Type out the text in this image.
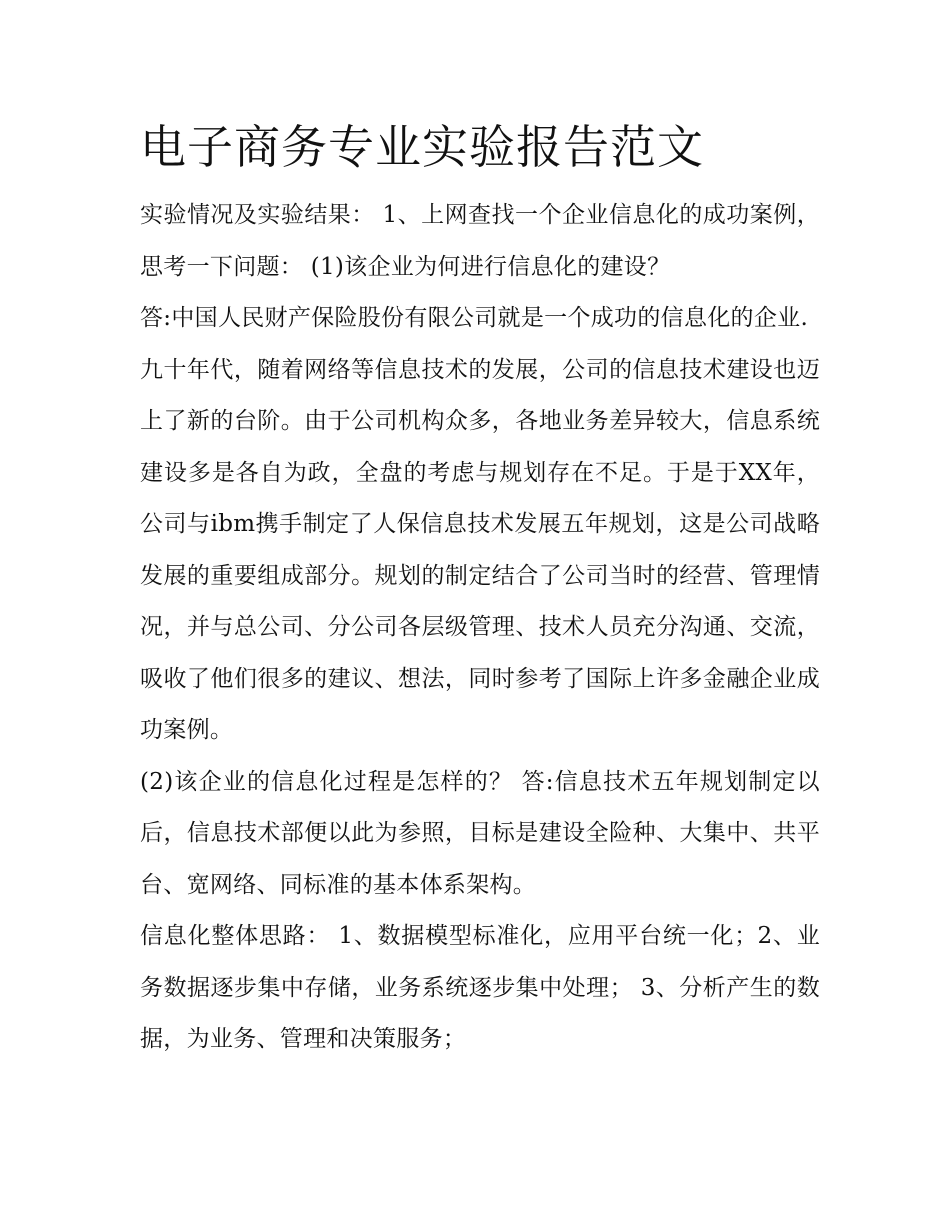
电子商务专业实验报告范文

实验情况及实验结果： 1、上网查找一个企业信息化的成功案例，思考一下问题： (1)该企业为何进行信息化的建设？

答:中国人民财产保险股份有限公司就是一个成功的信息化的企业.

九十年代，随着网络等信息技术的发展，公司的信息技术建设也迈上了新的台阶。由于公司机构众多，各地业务差异较大，信息系统建设多是各自为政，全盘的考虑与规划存在不足。于是于XX年，公司与ibm携手制定了人保信息技术发展五年规划，这是公司战略发展的重要组成部分。规划的制定结合了公司当时的经营、管理情况，并与总公司、分公司各层级管理、技术人员充分沟通、交流，吸收了他们很多的建议、想法，同时参考了国际上许多金融企业成功案例。

(2)该企业的信息化过程是怎样的？ 答:信息技术五年规划制定以后，信息技术部便以此为参照，目标是建设全险种、大集中、共平台、宽网络、同标准的基本体系架构。

信息化整体思路： 1、数据模型标准化，应用平台统一化；2、业务数据逐步集中存储，业务系统逐步集中处理； 3、分析产生的数据，为业务、管理和决策服务；
